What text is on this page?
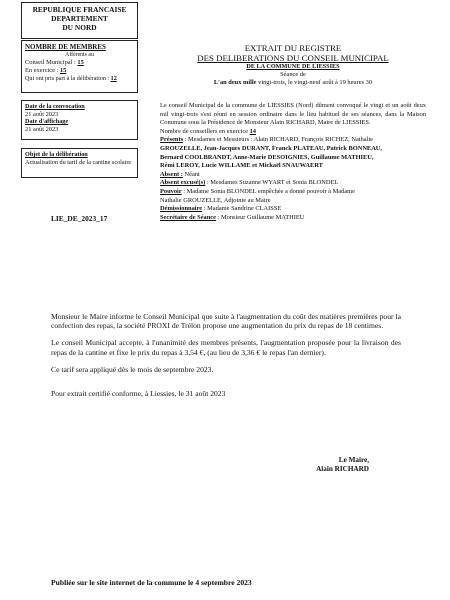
REPUBLIQUE FRANCAISE
DEPARTEMENT
DU NORD
NOMBRE DE MEMBRES
Afférents au
Conseil Municipal : 15
En exercice : 15
Qui ont pris part à la délibération : 12
Date de la convocation
21 août 2023
Date d'affichage
21 août 2023
Objet de la délibération
Actualisation du tarif de la cantine scolaire
LIE_DE_2023_17
EXTRAIT DU REGISTRE
DES DELIBERATIONS DU CONSEIL MUNICIPAL
DE LA COMMUNE DE LIESSIES
Séance de
L'an deux mille vingt-trois, le vingt-neuf août à 19 heures 30
Le conseil Municipal de la commune de LIESSIES (Nord) dûment convoqué le vingt et un août deux mil vingt-trois s'est réuni en session ordinaire dans le lieu habituel de ses séances, dans la Maison Commune sous la Présidence de Monsieur Alain RICHARD, Maire de LIESSIES.
Nombre de conseillers en exercice 14
Présents : Mesdames et Messieurs : Alain RICHARD, François RICHEZ, Nathalie
GROUZELLE, Jean-Jacques DURANT, Franck PLATEAU, Patrick BONNEAU,
Bernard COOLBRANDT, Anne-Marie DESOIGNIES, Guillaume MATHIEU,
Rémi LEROY, Lucie WILLAME et Mickaël SNAUWAERT
Absent : Néant
Absent excusé(s) : Mesdames Suzanne WYART et Sonia BLONDEL
Pouvoir : Madame Sonia BLONDEL empêchée a donné pouvoir à Madame
Nathalie GROUZELLE, Adjointe au Maire
Démissionnaire : Madame Sandrine CLAISSE
Secrétaire de Séance : Monsieur Guillaume MATHIEU

Monsieur le Maire informe le Conseil Municipal que suite à l'augmentation du coût des matières premières pour la confection des repas, la société PROXI de Trélon propose une augmentation du prix du repas de 18 centimes.

Le conseil Municipal accepte, à l'unanimité des membres présents, l'augmentation proposée pour la livraison des repas de la cantine et fixe le prix du repas à 3,54 €, (au lieu de 3,36 € le repas l'an dernier).

Ce tarif sera appliqué dès le mois de septembre 2023.

Pour extrait certifié conforme, à Liessies, le 31 août 2023

Le Maire,
Alain RICHARD
Publiée sur le site internet de la commune le 4 septembre 2023
